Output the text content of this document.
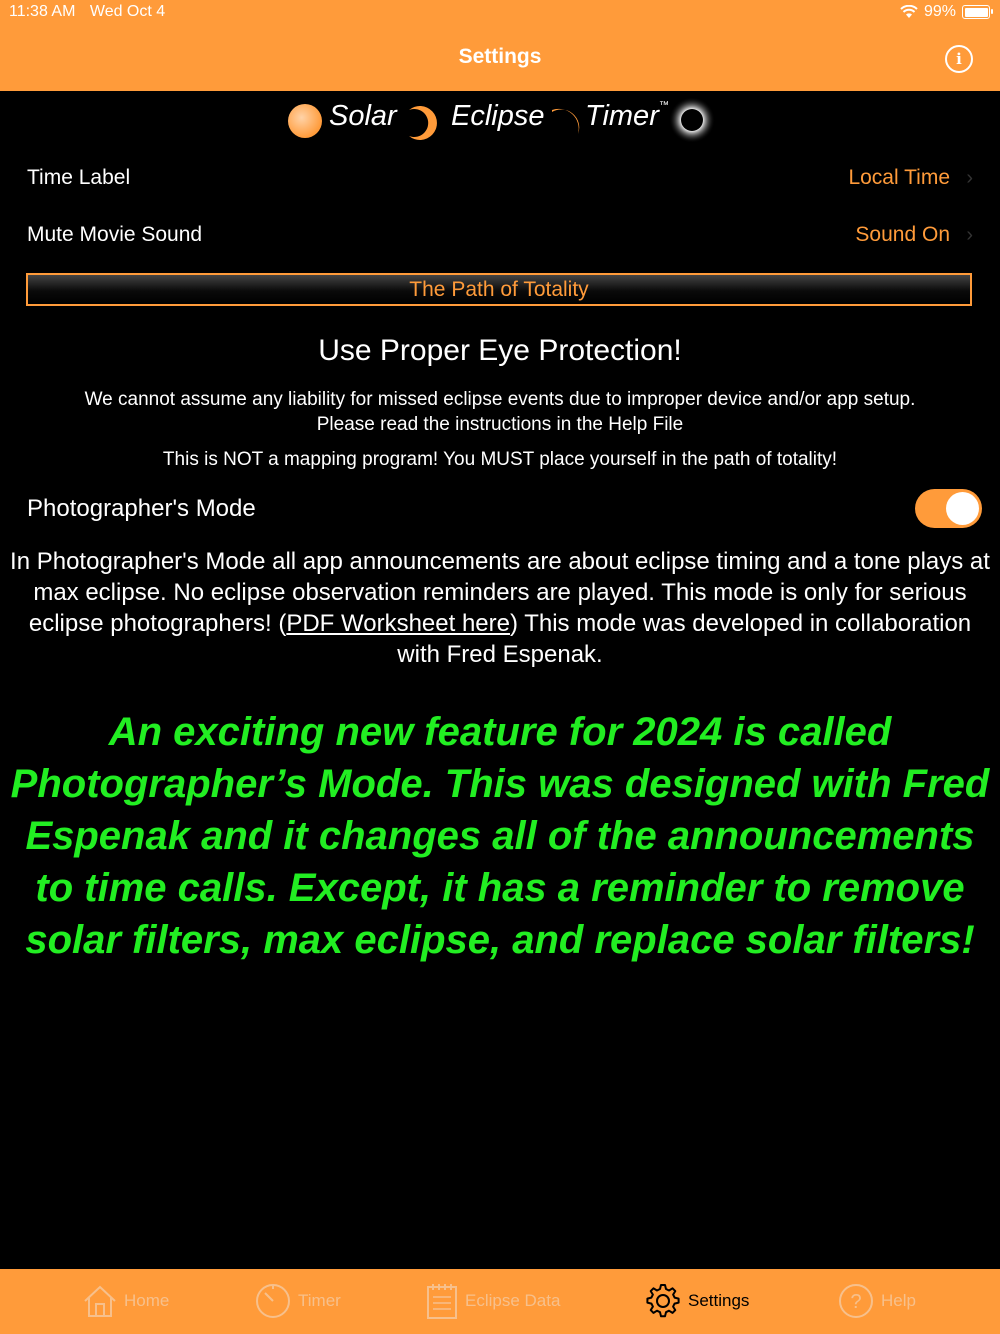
11:38 AM Wed Oct 4	99%
Settings	i
Solar Eclipse Timer ™
Time Label	Local Time ›
Mute Movie Sound	Sound On ›
The Path of Totality
Use Proper Eye Protection!
We cannot assume any liability for missed eclipse events due to improper device and/or app setup.
Please read the instructions in the Help File
This is NOT a mapping program! You MUST place yourself in the path of totality!
Photographer's Mode
In Photographer's Mode all app announcements are about eclipse timing and a tone plays at max eclipse. No eclipse observation reminders are played. This mode is only for serious eclipse photographers! (PDF Worksheet here) This mode was developed in collaboration with Fred Espenak.
An exciting new feature for 2024 is called Photographer’s Mode. This was designed with Fred Espenak and it changes all of the announcements to time calls. Except, it has a reminder to remove solar filters, max eclipse, and replace solar filters!
Home	Timer	Eclipse Data	Settings	? Help
